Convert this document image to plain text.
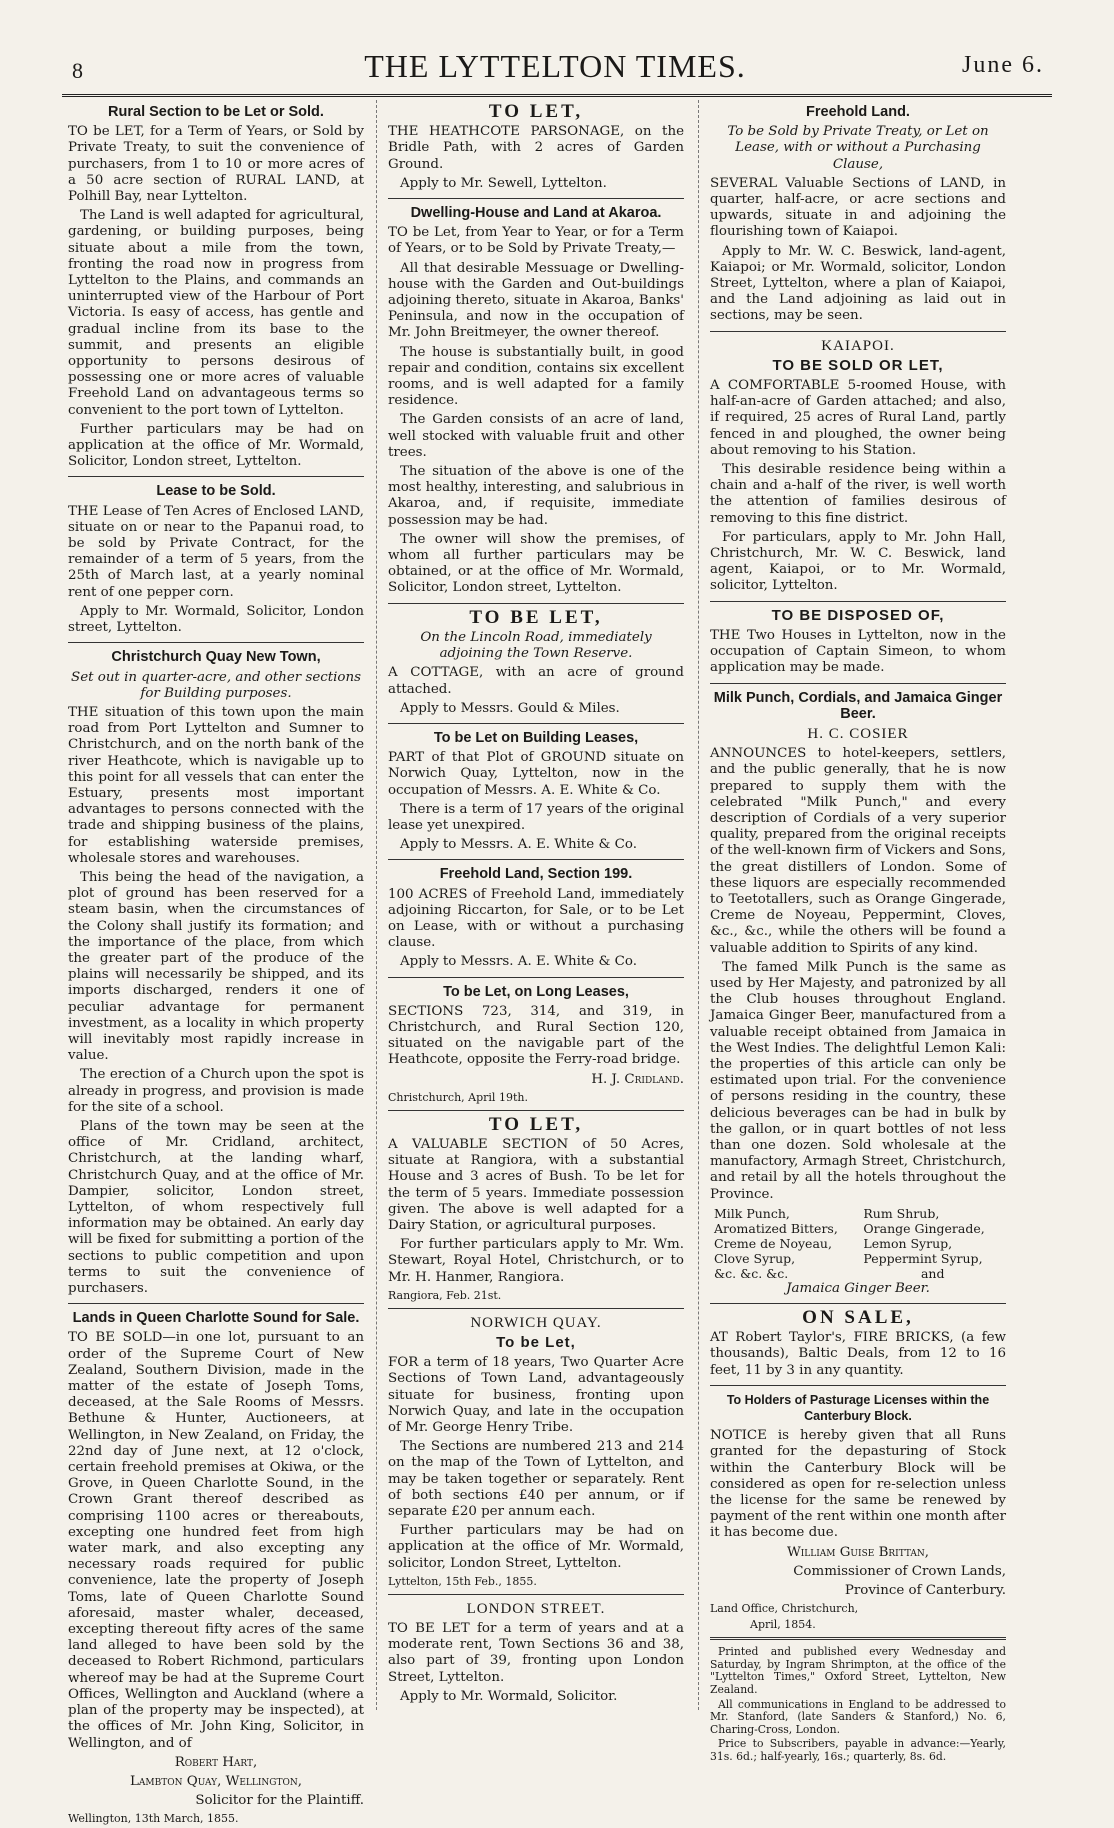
8	THE LYTTELTON TIMES.	June 6.
Rural Section to be Let or Sold.

TO be LET, for a Term of Years, or Sold by Private Treaty, to suit the convenience of purchasers, from 1 to 10 or more acres of a 50 acre section of RURAL LAND, at Polhill Bay, near Lyttelton.

The Land is well adapted for agricultural, gardening, or building purposes, being situate about a mile from the town, fronting the road now in progress from Lyttelton to the Plains, and commands an uninterrupted view of the Harbour of Port Victoria. Is easy of access, has gentle and gradual incline from its base to the summit, and presents an eligible opportunity to persons desirous of possessing one or more acres of valuable Freehold Land on advantageous terms so convenient to the port town of Lyttelton.

Further particulars may be had on application at the office of Mr. Wormald, Solicitor, London street, Lyttelton.

Lease to be Sold.

THE Lease of Ten Acres of Enclosed LAND, situate on or near to the Papanui road, to be sold by Private Contract, for the remainder of a term of 5 years, from the 25th of March last, at a yearly nominal rent of one pepper corn.

Apply to Mr. Wormald, Solicitor, London street, Lyttelton.

Christchurch Quay New Town,

Set out in quarter-acre, and other sections for Building purposes.

THE situation of this town upon the main road from Port Lyttelton and Sumner to Christchurch, and on the north bank of the river Heathcote, which is navigable up to this point for all vessels that can enter the Estuary, presents most important advantages to persons connected with the trade and shipping business of the plains, for establishing waterside premises, wholesale stores and warehouses.

This being the head of the navigation, a plot of ground has been reserved for a steam basin, when the circumstances of the Colony shall justify its formation; and the importance of the place, from which the greater part of the produce of the plains will necessarily be shipped, and its imports discharged, renders it one of peculiar advantage for permanent investment, as a locality in which property will inevitably most rapidly increase in value.

The erection of a Church upon the spot is already in progress, and provision is made for the site of a school.

Plans of the town may be seen at the office of Mr. Cridland, architect, Christchurch, at the landing wharf, Christchurch Quay, and at the office of Mr. Dampier, solicitor, London street, Lyttelton, of whom respectively full information may be obtained. An early day will be fixed for submitting a portion of the sections to public competition and upon terms to suit the convenience of purchasers.

Lands in Queen Charlotte Sound for Sale.

TO BE SOLD—in one lot, pursuant to an order of the Supreme Court of New Zealand, Southern Division, made in the matter of the estate of Joseph Toms, deceased, at the Sale Rooms of Messrs. Bethune & Hunter, Auctioneers, at Wellington, in New Zealand, on Friday, the 22nd day of June next, at 12 o'clock, certain freehold premises at Okiwa, or the Grove, in Queen Charlotte Sound, in the Crown Grant thereof described as comprising 1100 acres or thereabouts, excepting one hundred feet from high water mark, and also excepting any necessary roads required for public convenience, late the property of Joseph Toms, late of Queen Charlotte Sound aforesaid, master whaler, deceased, excepting thereout fifty acres of the same land alleged to have been sold by the deceased to Robert Richmond, particulars whereof may be had at the Supreme Court Offices, Wellington and Auckland (where a plan of the property may be inspected), at the offices of Mr. John King, Solicitor, in Wellington, and of

Robert Hart,

Lambton Quay, Wellington,

Solicitor for the Plaintiff.

Wellington, 13th March, 1855.

TO LET,

THE HEATHCOTE PARSONAGE, on the Bridle Path, with 2 acres of Garden Ground.

Apply to Mr. Sewell, Lyttelton.

Dwelling-House and Land at Akaroa.

TO be Let, from Year to Year, or for a Term of Years, or to be Sold by Private Treaty,—

All that desirable Messuage or Dwelling-house with the Garden and Out-buildings adjoining thereto, situate in Akaroa, Banks' Peninsula, and now in the occupation of Mr. John Breitmeyer, the owner thereof.

The house is substantially built, in good repair and condition, contains six excellent rooms, and is well adapted for a family residence.

The Garden consists of an acre of land, well stocked with valuable fruit and other trees.

The situation of the above is one of the most healthy, interesting, and salubrious in Akaroa, and, if requisite, immediate possession may be had.

The owner will show the premises, of whom all further particulars may be obtained, or at the office of Mr. Wormald, Solicitor, London street, Lyttelton.

TO BE LET,

On the Lincoln Road, immediately adjoining the Town Reserve.

A COTTAGE, with an acre of ground attached.

Apply to Messrs. Gould & Miles.

To be Let on Building Leases,

PART of that Plot of GROUND situate on Norwich Quay, Lyttelton, now in the occupation of Messrs. A. E. White & Co.

There is a term of 17 years of the original lease yet unexpired.

Apply to Messrs. A. E. White & Co.

Freehold Land, Section 199.

100 ACRES of Freehold Land, immediately adjoining Riccarton, for Sale, or to be Let on Lease, with or without a purchasing clause.

Apply to Messrs. A. E. White & Co.

To be Let, on Long Leases,

SECTIONS 723, 314, and 319, in Christchurch, and Rural Section 120, situated on the navigable part of the Heathcote, opposite the Ferry-road bridge.

H. J. Cridland.

Christchurch, April 19th.

TO LET,

A VALUABLE SECTION of 50 Acres, situate at Rangiora, with a substantial House and 3 acres of Bush. To be let for the term of 5 years. Immediate possession given. The above is well adapted for a Dairy Station, or agricultural purposes.

For further particulars apply to Mr. Wm. Stewart, Royal Hotel, Christchurch, or to Mr. H. Hanmer, Rangiora.

Rangiora, Feb. 21st.

NORWICH QUAY.
To be Let,

FOR a term of 18 years, Two Quarter Acre Sections of Town Land, advantageously situate for business, fronting upon Norwich Quay, and late in the occupation of Mr. George Henry Tribe.

The Sections are numbered 213 and 214 on the map of the Town of Lyttelton, and may be taken together or separately. Rent of both sections £40 per annum, or if separate £20 per annum each.

Further particulars may be had on application at the office of Mr. Wormald, solicitor, London Street, Lyttelton.

Lyttelton, 15th Feb., 1855.

LONDON STREET.

TO BE LET for a term of years and at a moderate rent, Town Sections 36 and 38, also part of 39, fronting upon London Street, Lyttelton.

Apply to Mr. Wormald, Solicitor.

Freehold Land.

To be Sold by Private Treaty, or Let on Lease, with or without a Purchasing Clause,

SEVERAL Valuable Sections of LAND, in quarter, half-acre, or acre sections and upwards, situate in and adjoining the flourishing town of Kaiapoi.

Apply to Mr. W. C. Beswick, land-agent, Kaiapoi; or Mr. Wormald, solicitor, London Street, Lyttelton, where a plan of Kaiapoi, and the Land adjoining as laid out in sections, may be seen.

KAIAPOI.
TO BE SOLD OR LET,

A COMFORTABLE 5-roomed House, with half-an-acre of Garden attached; and also, if required, 25 acres of Rural Land, partly fenced in and ploughed, the owner being about removing to his Station.

This desirable residence being within a chain and a-half of the river, is well worth the attention of families desirous of removing to this fine district.

For particulars, apply to Mr. John Hall, Christchurch, Mr. W. C. Beswick, land agent, Kaiapoi, or to Mr. Wormald, solicitor, Lyttelton.

TO BE DISPOSED OF,

THE Two Houses in Lyttelton, now in the occupation of Captain Simeon, to whom application may be made.

Milk Punch, Cordials, and Jamaica Ginger Beer.
H. C. COSIER

ANNOUNCES to hotel-keepers, settlers, and the public generally, that he is now prepared to supply them with the celebrated "Milk Punch," and every description of Cordials of a very superior quality, prepared from the original receipts of the well-known firm of Vickers and Sons, the great distillers of London. Some of these liquors are especially recommended to Teetotallers, such as Orange Gingerade, Creme de Noyeau, Peppermint, Cloves, &c., &c., while the others will be found a valuable addition to Spirits of any kind.

The famed Milk Punch is the same as used by Her Majesty, and patronized by all the Club houses throughout England. Jamaica Ginger Beer, manufactured from a valuable receipt obtained from Jamaica in the West Indies. The delightful Lemon Kali: the properties of this article can only be estimated upon trial. For the convenience of persons residing in the country, these delicious beverages can be had in bulk by the gallon, or in quart bottles of not less than one dozen. Sold wholesale at the manufactory, Armagh Street, Christchurch, and retail by all the hotels throughout the Province.

Milk Punch,	Rum Shrub,
Aromatized Bitters,	Orange Gingerade,
Creme de Noyeau,	Lemon Syrup,
Clove Syrup,	Peppermint Syrup,
&c. &c. &c.	and

Jamaica Ginger Beer.

ON SALE,

AT Robert Taylor's, FIRE BRICKS, (a few thousands), Baltic Deals, from 12 to 16 feet, 11 by 3 in any quantity.

To Holders of Pasturage Licenses within the Canterbury Block.

NOTICE is hereby given that all Runs granted for the depasturing of Stock within the Canterbury Block will be considered as open for re-selection unless the license for the same be renewed by payment of the rent within one month after it has become due.

William Guise Brittan,

Commissioner of Crown Lands,

Province of Canterbury.

Land Office, Christchurch,

April, 1854.

Printed and published every Wednesday and Saturday, by Ingram Shrimpton, at the office of the "Lyttelton Times," Oxford Street, Lyttelton, New Zealand.

All communications in England to be addressed to Mr. Stanford, (late Sanders & Stanford,) No. 6, Charing-Cross, London.

Price to Subscribers, payable in advance:—Yearly, 31s. 6d.; half-yearly, 16s.; quarterly, 8s. 6d.
